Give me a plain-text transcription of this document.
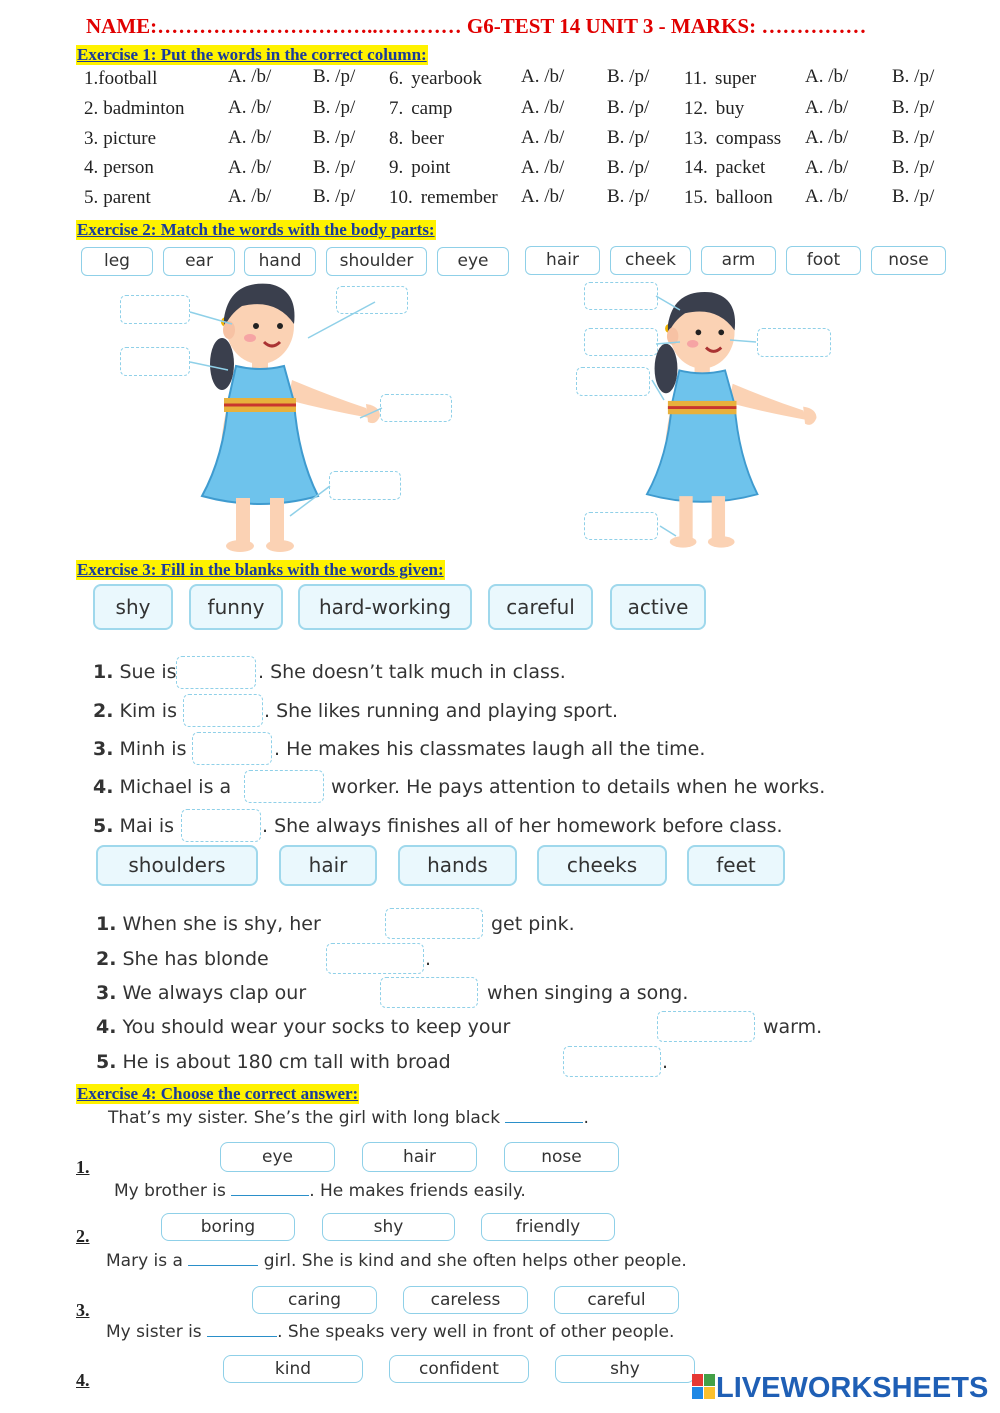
NAME:…………………………..………… G6-TEST 14 UNIT 3 - MARKS: ……………
Exercise 1: Put the words in the correct column:
1.football	A. /b/ B. /p/ 6. yearbook A. /b/ B. /p/ 11. super	A. /b/ B. /p/
2. badminton A. /b/ B. /p/ 7. camp	A. /b/ B. /p/ 12. buy	A. /b/ B. /p/
3. picture	A. /b/ B. /p/ 8. beer	A. /b/ B. /p/ 13. compass A. /b/ B. /p/
4. person	A. /b/ B. /p/ 9. point	A. /b/ B. /p/ 14. packet A. /b/ B. /p/
5. parent	A. /b/ B. /p/ 10. remember A. /b/ B. /p/ 15. balloon A. /b/ B. /p/
Exercise 2: Match the words with the body parts:
leg	ear	hand	shoulder	eye	hair	cheek	arm	foot	nose
Exercise 3: Fill in the blanks with the words given:
shy	funny	hard-working	careful	active
1. Sue is	. She doesn’t talk much in class.
2. Kim is	. She likes running and playing sport.
3. Minh is	. He makes his classmates laugh all the time.
4. Michael is a	worker. He pays attention to details when he works.
5. Mai is	. She always finishes all of her homework before class.
shoulders	hair	hands	cheeks	feet
1. When she is shy, her	get pink.
2. She has blonde	.
3. We always clap our	when singing a song.
4. You should wear your socks to keep your	warm.
5. He is about 180 cm tall with broad	.
Exercise 4: Choose the correct answer:
That’s my sister. She’s the girl with long black	.
1.	eye	hair	nose
My brother is	. He makes friends easily.
2.	boring	shy	friendly
Mary is a	girl. She is kind and she often helps other people.
3.	caring	careless	careful
My sister is	. She speaks very well in front of other people.
4.
kind	confident	shy
LIVEWORKSHEETS
